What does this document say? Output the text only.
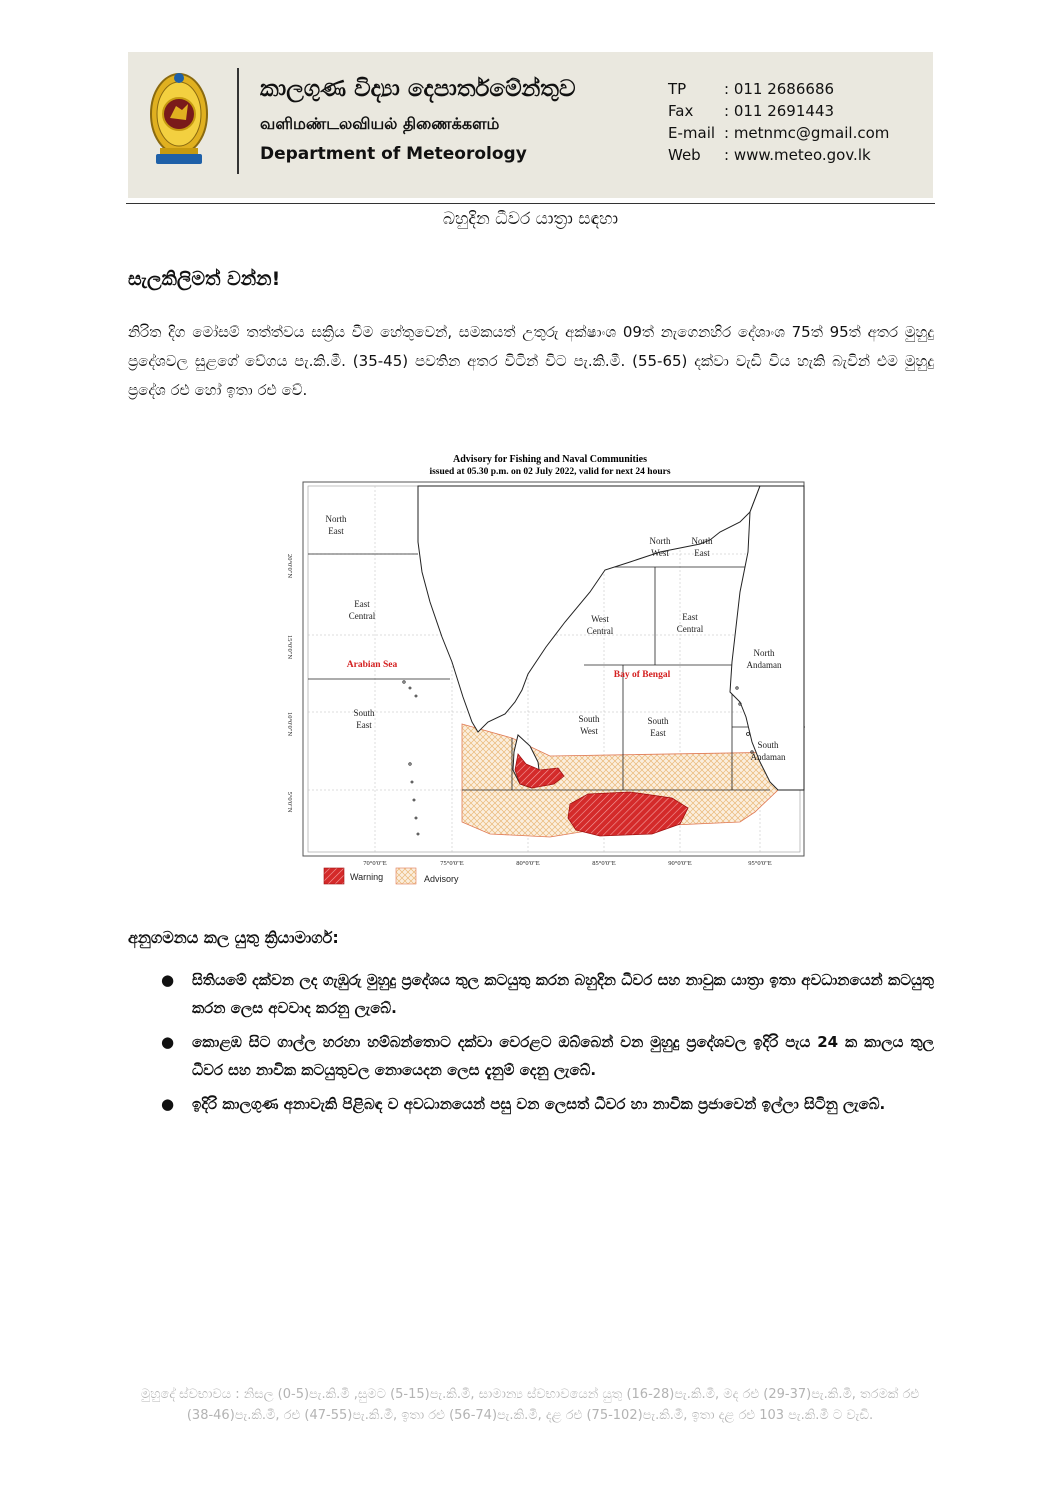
කාලගුණ විද්‍යා දෙපාර්තමේන්තුව
வளிமண்டலவியல் திணைக்களம்
Department of Meteorology
TP	: 011 2686686
Fax	: 011 2691443
E-mail : metnmc@gmail.com
Web	: www.meteo.gov.lk
බහුදින ධීවර යාත්‍රා සඳහා
සැලකිලිමත් වන්න!
නිරිත දිග මෝසම් තත්ත්වය සක්‍රිය වීම හේතුවෙන්, සමකයත් උතුරු අක්ෂාංශ 09ත් නැගෙනහිර දේශාංශ 75ත් 95ත් අතර මුහුදු ප්‍රදේශවල සුළගේ වේගය පැ.කි.මී. (35-45) පවතින අතර විටින් විට පැ.කි.මී. (55-65) දක්වා වැඩි විය හැකි බැවින් එම මුහුදු ප්‍රදේශ රළු හෝ ඉතා රළු වේ.
Advisory for Fishing and Naval Communities
issued at 05.30 p.m. on 02 July 2022, valid for next 24 hours
North
East
East
Central
South
East
North
West
North
East
West
Central
East
Central
North
Andaman
South
West
South
East
South
Andaman
Arabian Sea
Bay of Bengal
70°0'0"E	75°0'0"E	80°0'0"E	85°0'0"E	90°0'0"E	95°0'0"E
20°0'0"N
15°0'0"N
10°0'0"N
5°0'0"N
Warning	Advisory
අනුගමනය කල යුතු ක්‍රියාමාර්ග:
● සිතියමේ දක්වන ලද ගැඹුරු මුහුදු ප්‍රදේශය තුල කටයුතු කරන බහුදින ධීවර සහ නාවුක යාත්‍රා ඉතා අවධානයෙන් කටයුතු කරන ලෙස අවවාද කරනු ලැබේ.
● කොළඹ සිට ගාල්ල හරහා හම්බන්තොට දක්වා වෙරළට ඔබ්බෙන් වන මුහුදු ප්‍රදේශවල ඉදිරි පැය 24 ක කාලය තුල ධීවර සහ නාවික කටයුතුවල නොයෙදන ලෙස දැනුම් දෙනු ලැබේ.
● ඉදිරි කාලගුණ අනාවැකි පිළිබඳ ව අවධානයෙන් පසු වන ලෙසත් ධීවර හා නාවික ප්‍රජාවෙන් ඉල්ලා සිටිනු ලැබේ.
මුහුදේ ස්වභාවය : නිසල (0-5)පැ.කි.මී ,සුමට (5-15)පැ.කි.මී, සාමාන්‍ය ස්වභාවයෙන් යුතු (16-28)පැ.කි.මී, මද රළු (29-37)පැ.කි.මී, තරමක් රළු (38-46)පැ.කි.මී, රළු (47-55)පැ.කි.මී, ඉතා රළු (56-74)පැ.කි.මී, දළ රළු (75-102)පැ.කි.මී, ඉතා දළ රළු 103 පැ.කි.මී ට වැඩි.
